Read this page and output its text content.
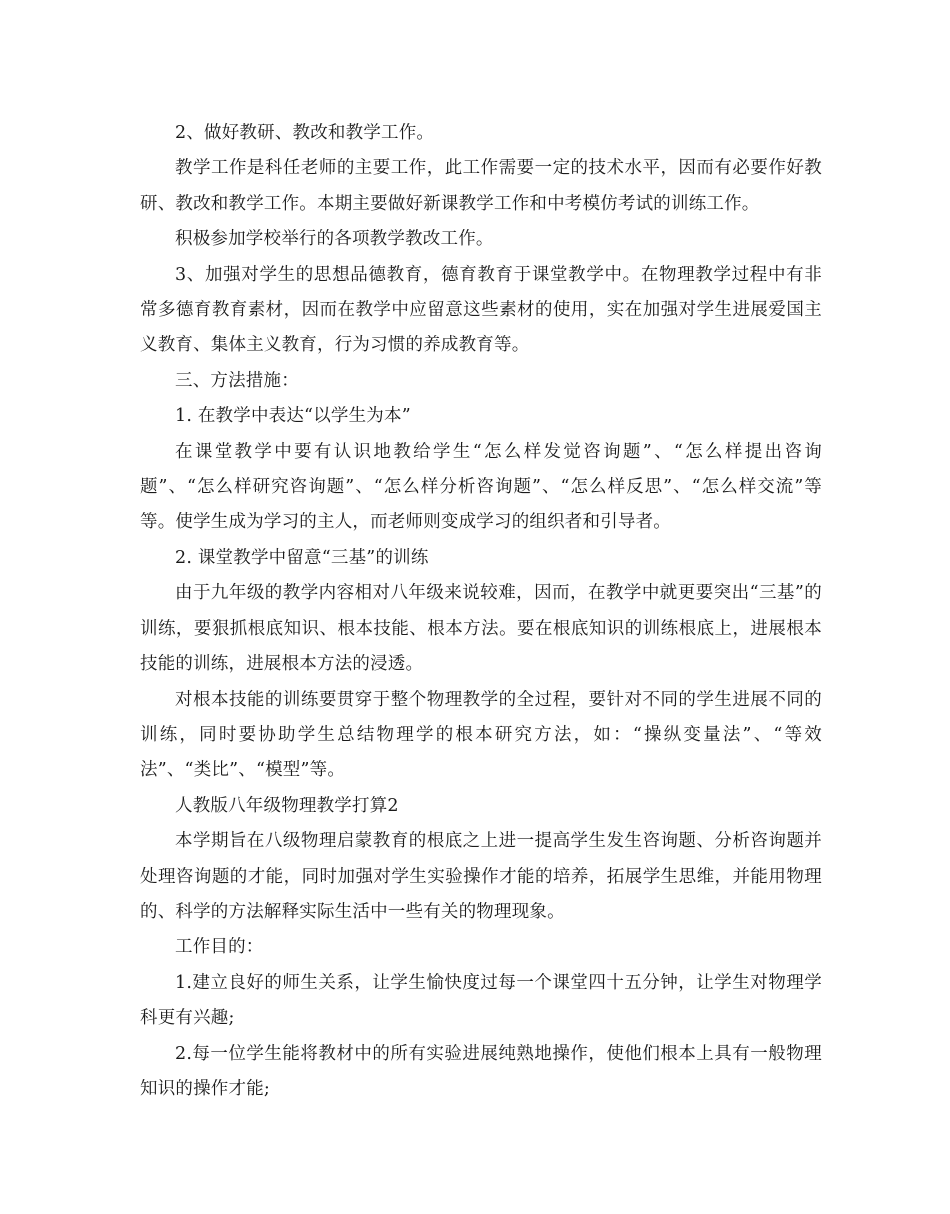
2、做好教研、教改和教学工作。

教学工作是科任老师的主要工作，此工作需要一定的技术水平，因而有必要作好教研、教改和教学工作。本期主要做好新课教学工作和中考模仿考试的训练工作。

积极参加学校举行的各项教学教改工作。

3、加强对学生的思想品德教育，德育教育于课堂教学中。在物理教学过程中有非常多德育教育素材，因而在教学中应留意这些素材的使用，实在加强对学生进展爱国主义教育、集体主义教育，行为习惯的养成教育等。

三、方法措施：

1. 在教学中表达“以学生为本”

在课堂教学中要有认识地教给学生“怎么样发觉咨询题”、“怎么样提出咨询题”、“怎么样研究咨询题”、“怎么样分析咨询题”、“怎么样反思”、“怎么样交流”等等。使学生成为学习的主人，而老师则变成学习的组织者和引导者。

2. 课堂教学中留意“三基”的训练

由于九年级的教学内容相对八年级来说较难，因而，在教学中就更要突出“三基”的训练，要狠抓根底知识、根本技能、根本方法。要在根底知识的训练根底上，进展根本技能的训练，进展根本方法的浸透。

对根本技能的训练要贯穿于整个物理教学的全过程，要针对不同的学生进展不同的训练，同时要协助学生总结物理学的根本研究方法，如：“操纵变量法”、“等效法”、“类比”、“模型”等。

人教版八年级物理教学打算2

本学期旨在八级物理启蒙教育的根底之上进一提高学生发生咨询题、分析咨询题并处理咨询题的才能，同时加强对学生实验操作才能的培养，拓展学生思维，并能用物理的、科学的方法解释实际生活中一些有关的物理现象。

工作目的：

1.建立良好的师生关系，让学生愉快度过每一个课堂四十五分钟，让学生对物理学科更有兴趣;

2.每一位学生能将教材中的所有实验进展纯熟地操作，使他们根本上具有一般物理知识的操作才能;
